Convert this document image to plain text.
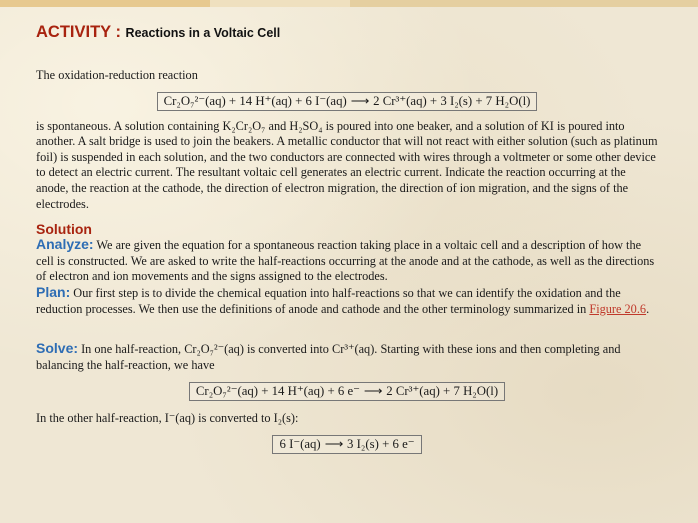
ACTIVITY : Reactions in a Voltaic Cell

The oxidation-reduction reaction

Cr₂O₇²⁻(aq) + 14 H⁺(aq) + 6 I⁻(aq) ⟶ 2 Cr³⁺(aq) + 3 I₂(s) + 7 H₂O(l)

is spontaneous. A solution containing K₂Cr₂O₇ and H₂SO₄ is poured into one beaker, and a solution of KI is poured into another. A salt bridge is used to join the beakers. A metallic conductor that will not react with either solution (such as platinum foil) is suspended in each solution, and the two conductors are connected with wires through a voltmeter or some other device to detect an electric current. The resultant voltaic cell generates an electric current. Indicate the reaction occurring at the anode, the reaction at the cathode, the direction of electron migration, the direction of ion migration, and the signs of the electrodes.

Solution

Analyze: We are given the equation for a spontaneous reaction taking place in a voltaic cell and a description of how the cell is constructed. We are asked to write the half-reactions occurring at the anode and at the cathode, as well as the directions of electron and ion movements and the signs assigned to the electrodes.

Plan: Our first step is to divide the chemical equation into half-reactions so that we can identify the oxidation and the reduction processes. We then use the definitions of anode and cathode and the other terminology summarized in Figure 20.6.

Solve: In one half-reaction, Cr₂O₇²⁻(aq) is converted into Cr³⁺(aq). Starting with these ions and then completing and balancing the half-reaction, we have

Cr₂O₇²⁻(aq) + 14 H⁺(aq) + 6 e⁻ ⟶ 2 Cr³⁺(aq) + 7 H₂O(l)

In the other half-reaction, I⁻(aq) is converted to I₂(s):

6 I⁻(aq) ⟶ 3 I₂(s) + 6 e⁻
